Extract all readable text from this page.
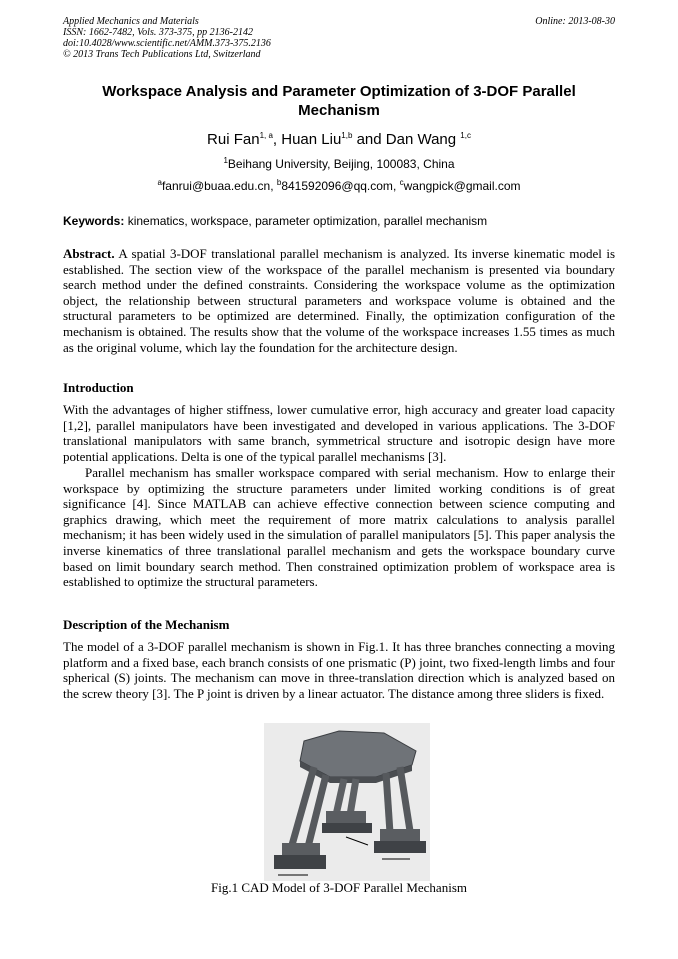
Applied Mechanics and Materials
ISSN: 1662-7482, Vols. 373-375, pp 2136-2142
doi:10.4028/www.scientific.net/AMM.373-375.2136
© 2013 Trans Tech Publications Ltd, Switzerland
Online: 2013-08-30
Workspace Analysis and Parameter Optimization of 3-DOF Parallel Mechanism
Rui Fan$^{1, a}$, Huan Liu$^{1,b}$ and Dan Wang $^{1,c}$
$^1$Beihang University, Beijing, 100083, China
$^a$fanrui@buaa.edu.cn, $^b$841592096@qq.com, $^c$wangpick@gmail.com
Keywords: kinematics, workspace, parameter optimization, parallel mechanism
Abstract. A spatial 3-DOF translational parallel mechanism is analyzed. Its inverse kinematic model is established. The section view of the workspace of the parallel mechanism is presented via boundary search method under the defined constraints. Considering the workspace volume as the optimization object, the relationship between structural parameters and workspace volume is obtained and the structural parameters to be optimized are determined. Finally, the optimization configuration of the mechanism is obtained. The results show that the volume of the workspace increases 1.55 times as much as the original volume, which lay the foundation for the architecture design.
Introduction
With the advantages of higher stiffness, lower cumulative error, high accuracy and greater load capacity [1,2], parallel manipulators have been investigated and developed in various applications. The 3-DOF translational manipulators with same branch, symmetrical structure and isotropic design have more potential applications. Delta is one of the typical parallel mechanisms [3].
Parallel mechanism has smaller workspace compared with serial mechanism. How to enlarge their workspace by optimizing the structure parameters under limited working conditions is of great significance [4]. Since MATLAB can achieve effective connection between science computing and graphics drawing, which meet the requirement of more matrix calculations to analysis parallel mechanism; it has been widely used in the simulation of parallel manipulators [5]. This paper analysis the inverse kinematics of three translational parallel mechanism and gets the workspace boundary curve based on limit boundary search method. Then constrained optimization problem of workspace area is established to optimize the structural parameters.
Description of the Mechanism
The model of a 3-DOF parallel mechanism is shown in Fig.1. It has three branches connecting a moving platform and a fixed base, each branch consists of one prismatic (P) joint, two fixed-length limbs and four spherical (S) joints. The mechanism can move in three-translation direction which is analyzed based on the screw theory [3]. The P joint is driven by a linear actuator. The distance among three sliders is fixed.
Fig.1 CAD Model of 3-DOF Parallel Mechanism
